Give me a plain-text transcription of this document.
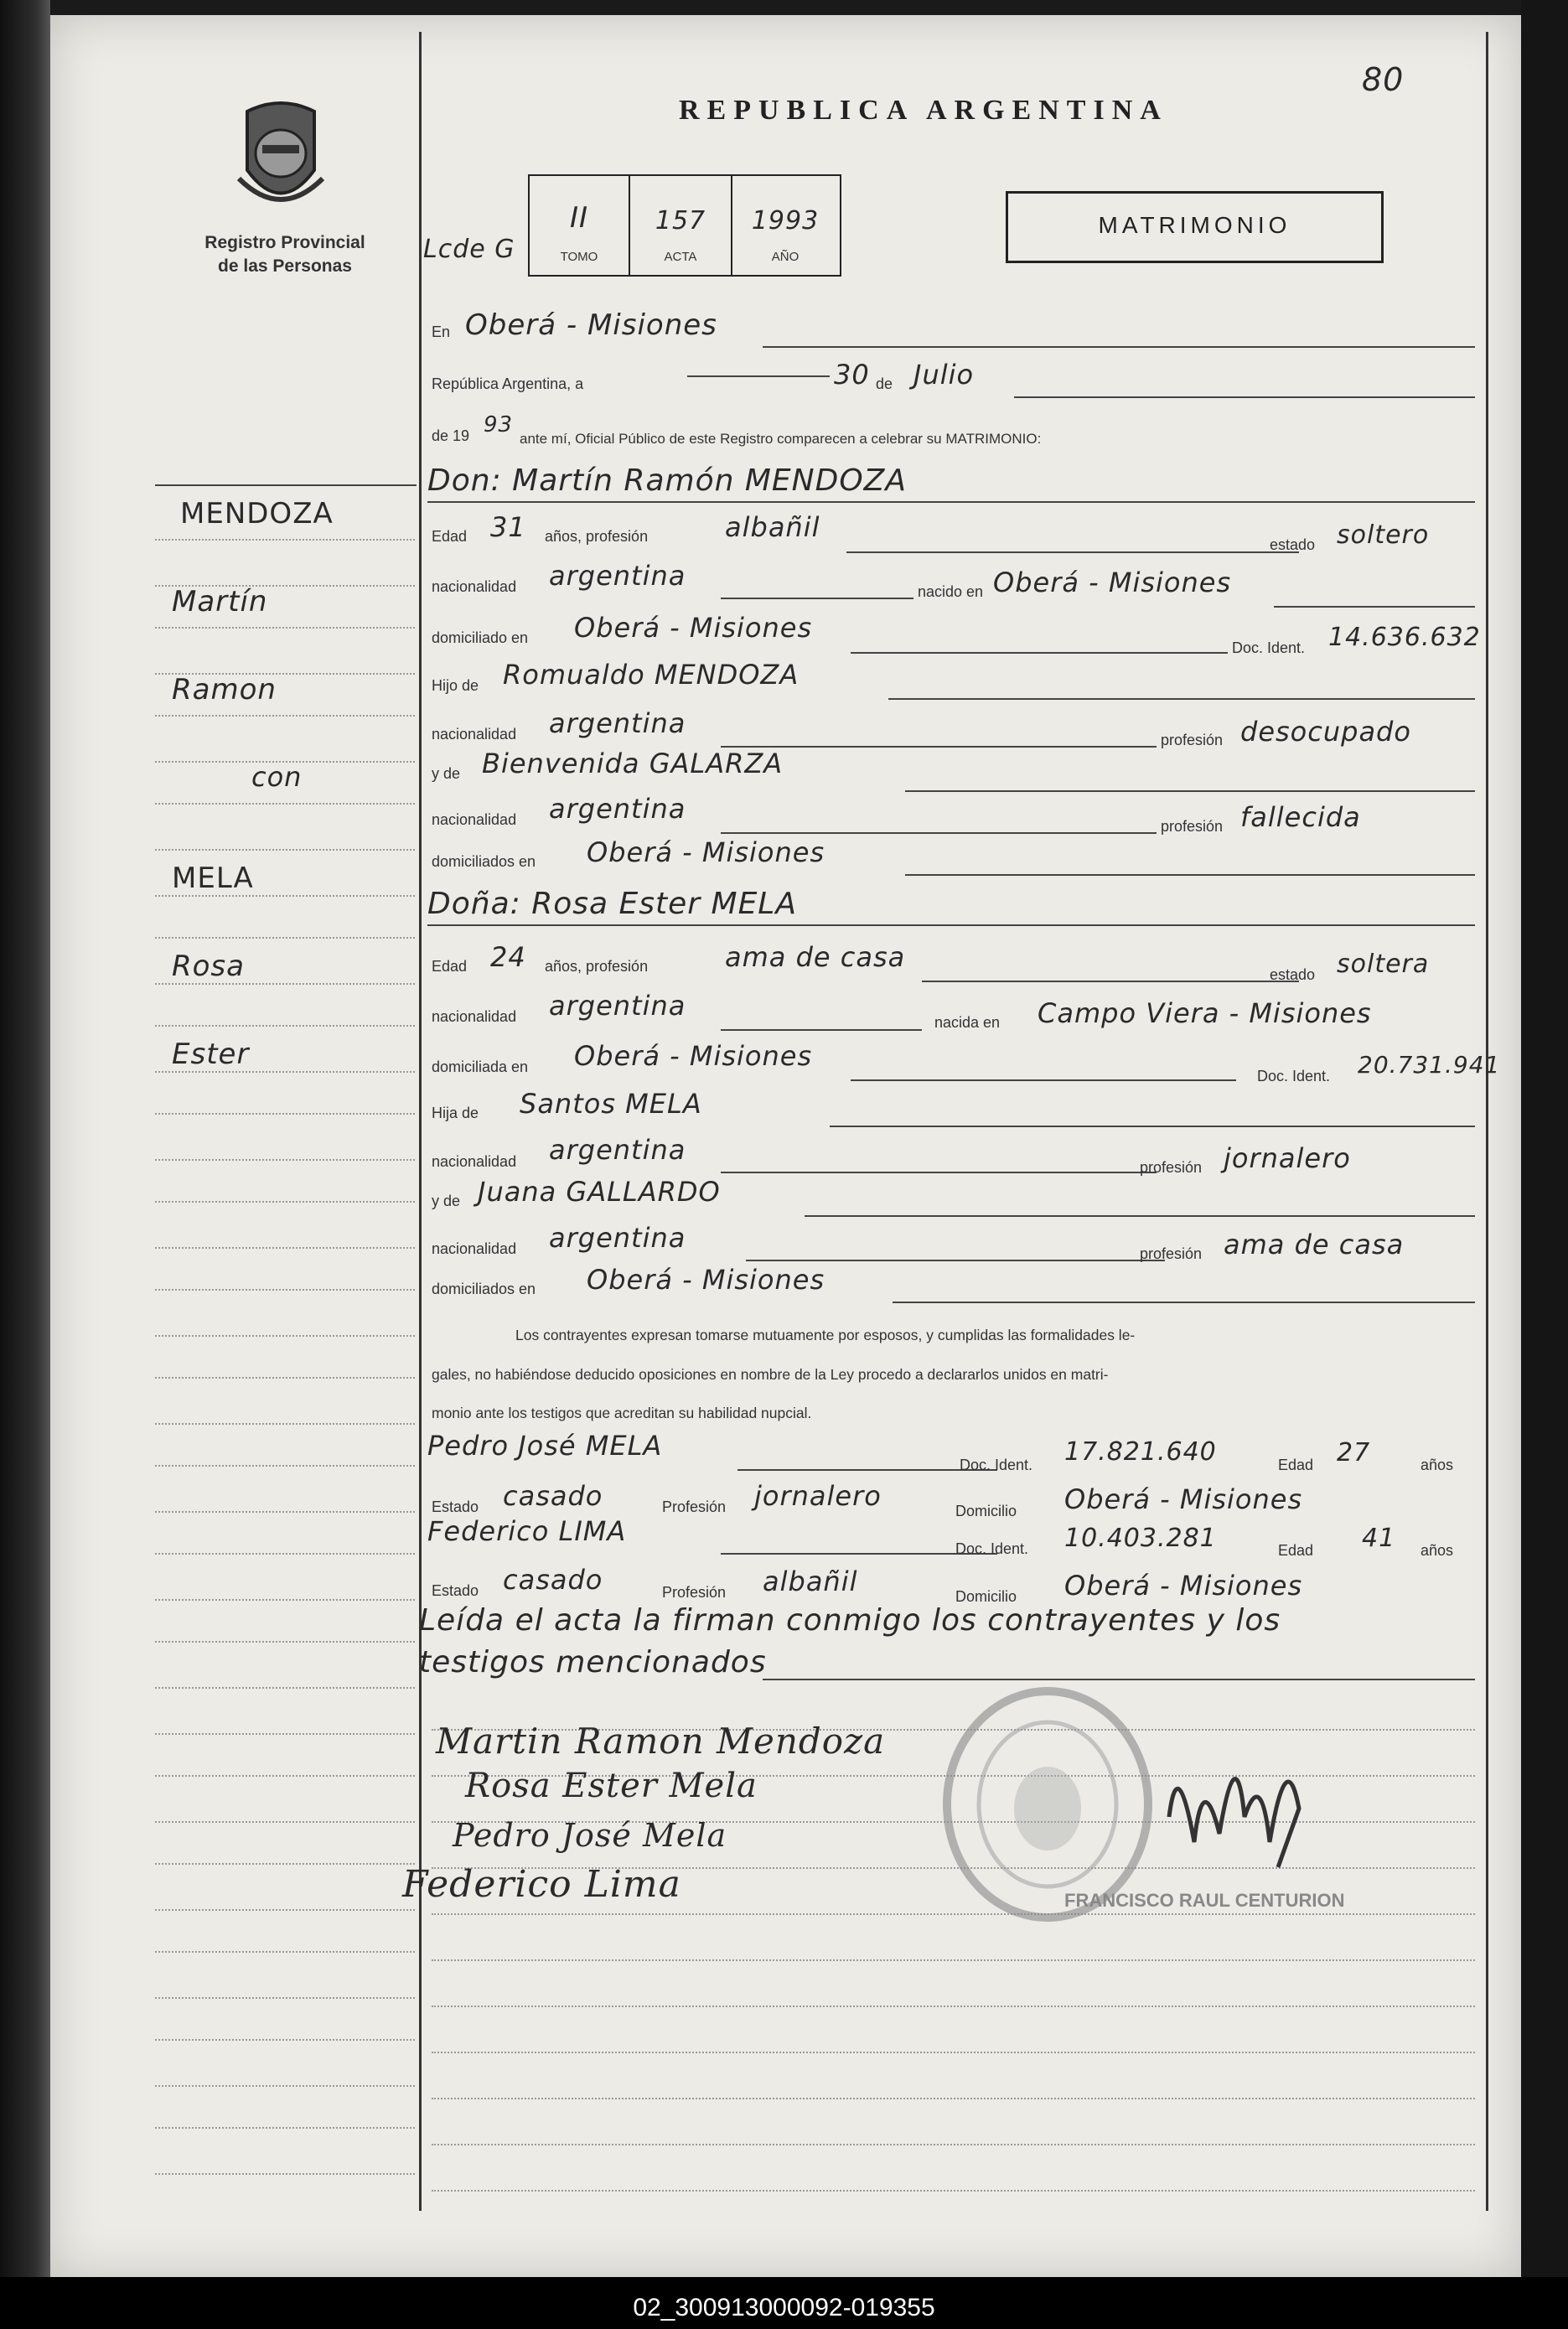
80
Registro Provincial
de las Personas
REPUBLICA ARGENTINA
II	157	1993
TOMO	ACTA	AÑO
Lcde G
MATRIMONIO
MENDOZA
Martín
Ramon
con
MELA
Rosa
Ester
En Oberá - Misiones
República Argentina, a	30 de Julio
de 19 93
ante mí, Oficial Público de este Registro comparecen a celebrar su MATRIMONIO:
Don: Martín Ramón MENDOZA
Edad 31 años, profesión	albañil
estado soltero
nacionalidad argentina	nacido en Oberá - Misiones
domiciliado en Oberá - Misiones
Doc. Ident. 14.636.632
Hijo de Romualdo MENDOZA
nacionalidad argentina
profesión desocupado
y de Bienvenida GALARZA
nacionalidad argentina
profesión fallecida
domiciliados en Oberá - Misiones
Doña: Rosa Ester MELA
Edad 24 años, profesión	ama de casa
estado soltera
nacionalidad argentina
nacida en Campo Viera - Misiones
domiciliada en Oberá - Misiones
Doc. Ident. 20.731.941
Hija de Santos MELA
nacionalidad argentina
profesión jornalero
y de Juana GALLARDO
nacionalidad argentina	profesión ama de casa
domiciliados en Oberá - Misiones
Los contrayentes expresan tomarse mutuamente por esposos, y cumplidas las formalidades le-
gales, no habiéndose deducido oposiciones en nombre de la Ley procedo a declararlos unidos en matri-
monio ante los testigos que acreditan su habilidad nupcial.
Pedro José MELA
Doc. Ident. 17.821.640	Edad 27	años
Estado casado	Profesión jornalero	Domicilio Oberá - Misiones
Federico LIMA
Doc. Ident. 10.403.281	Edad 41 años
Estado casado	Profesión albañil	Domicilio Oberá - Misiones
Leída el acta la firman conmigo los contrayentes y los
testigos mencionados
Martin Ramon Mendoza
Rosa Ester Mela
Pedro José Mela
Federico Lima	FRANCISCO RAUL CENTURION
02_300913000092-019355
